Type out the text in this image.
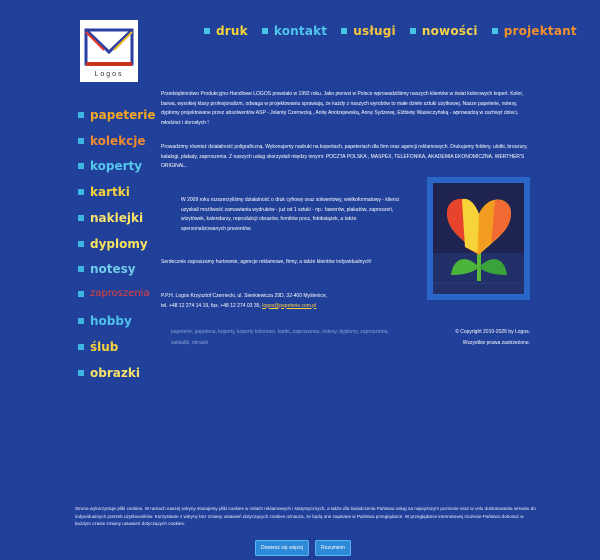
Logos
druk kontakt usługi nowości projektant
papeterie
kolekcje
koperty
kartki
naklejki
dyplomy
notesy
zaproszenia
hobby
ślub
obrazki

Przedsiębiorstwo Produkcyjno-Handlowe LOGOS powstało w 1992 roku. Jako pierwsi w Polsce wprowadziliśmy naszych klientów w świat kolorowych kopert. Kolor, barwa, wysokiej klasy profesjonalizm, odwaga w projektowaniu sprawiają, że każdy z naszych wyrobów to małe dzieło sztuki użytkowej. Nasze papeterie, notesy, dyplomy projektowane przez absolwentów ASP - Jolantę Czernecką , Anitę Anotzejewską, Annę Sydzewę, Elżbietę Wasieczyńską - wprowadzą w zachwyt dzieci, młodzież i dorosłych !

Prowadzimy również działalność poligraficzną. Wykonujemy nadruki na kopertach, papeteriach dla firm oraz agencji reklamowych. Drukujemy foldery, ulotki, broszury, katalogi, plakaty, zaproszenia. Z naszych usług skorzystali między innymi: POCZTA POLSKA , MASPEX, TELEFONIKA, AKADEMIA EKONOMICZNA, WERTHER'S ORIGINAL..

W 2009 roku rozszerzyliśmy działalność o druk cyfrowy oraz solwentowy, wielkoformatowy - klienci uzyskali możliwość zamawiania wydruków - już od 1 sztuki - np.: banerów, plakatów, zaproszeń, wizytówek, kalendarzy, reprodukcji obrazów, fornitów pocz, fotoksiążek, a także spersonalizowanych prezentów.

Serdecznie zapraszamy hurtownie, agencje reklamowe, firmy, a także klientów indywidualnych!

P.P.H. Logos Krzysztof Czernecki, ul. Sienkiewicza 29D, 32-400 Myślenice,

tel. +48 12 274 14 19, fax. +48 12 274 03 35, logos@papeterie.com.pl

papeterie, papeteria, koperty, koperty kolorowe, kartki, zaproszenia, notesy, dyplomy, zaproszenia, zakładki, obrazki
© Copyright 2010-2026 by Logos.
Wszystkie prawa zastrzeżone.
Strona wykorzystuje pliki cookies. W ramach naszej witryny stosujemy pliki cookies w celach reklamowych i statystycznych, a także dla świadczenia Państwu usług na najwyższym poziomie oraz w celu dostosowania serwisu do indywidualnych potrzeb użytkowników. Korzystanie z witryny bez zmiany ustawień dotyczących cookies oznacza, że będą one zapisane w Państwa przeglądarce. W przeglądarce internetowej możecie Państwo dokonać w każdym czasie zmiany ustawień dotyczących cookies.
Dowiesz się więcej	Rozumiem
